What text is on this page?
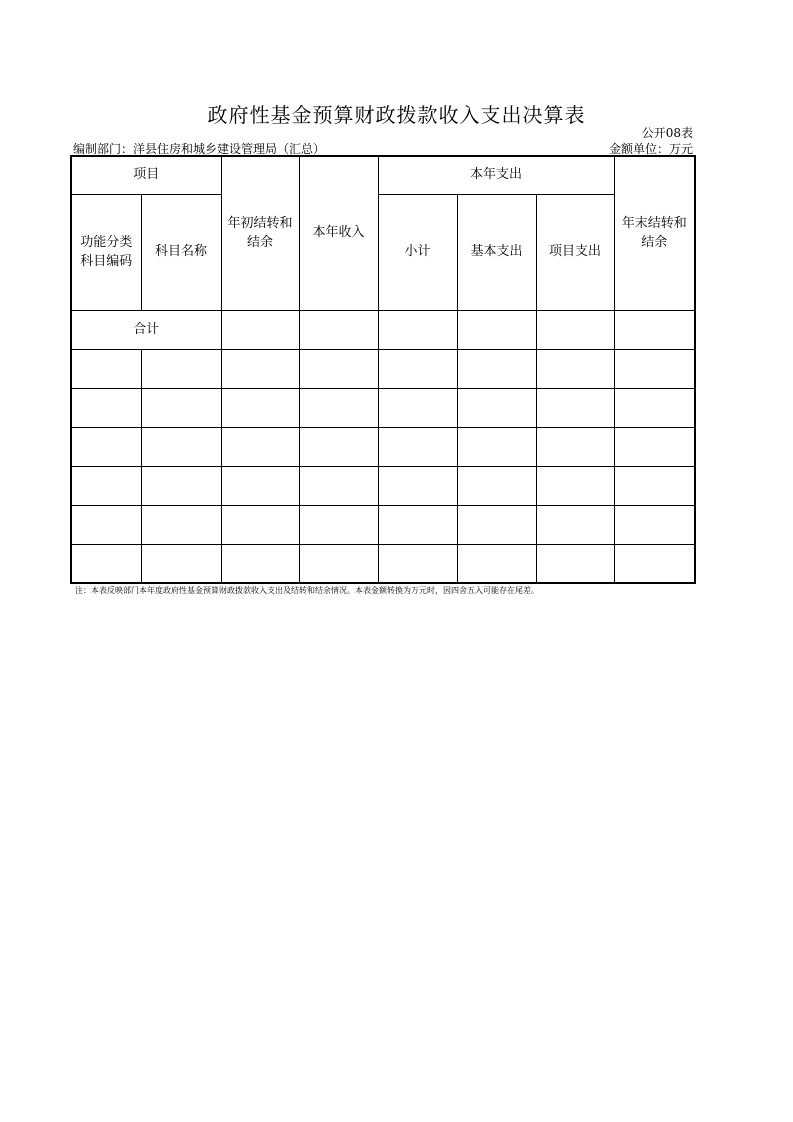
政府性基金预算财政拨款收入支出决算表
公开08表
编制部门：洋县住房和城乡建设管理局（汇总）	金额单位：万元
项目		年初结转和结余	本年收入	本年支出			年末结转和结余

功能分类科目编码	科目名称			小计	基本支出	项目支出	
合计							

注：本表反映部门本年度政府性基金预算财政拨款收入支出及结转和结余情况。本表金额转换为万元时，因四舍五入可能存在尾差。
